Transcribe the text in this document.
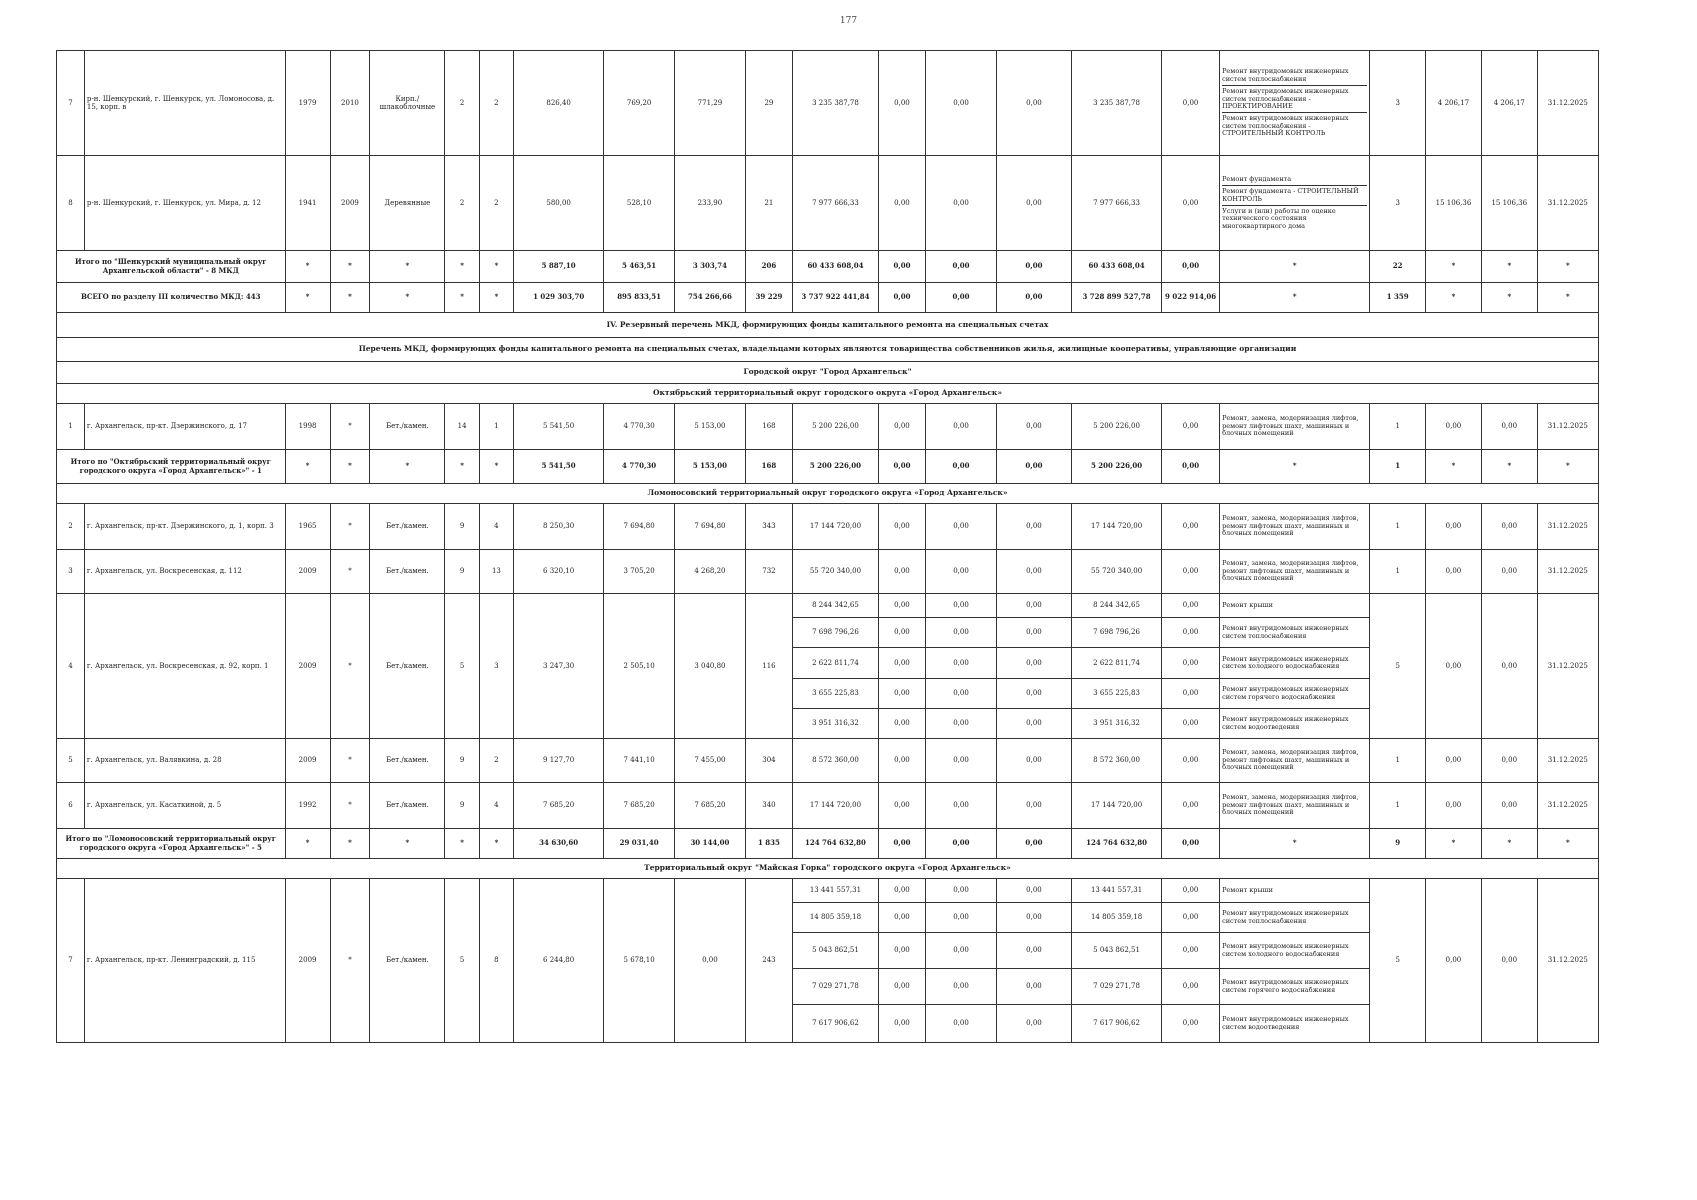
177
7	р-н. Шенкурский, г. Шенкурск, ул. Ломоносова, д. 15, корп. в	1979	2010	Кирп./ шлакоблочные	2	2	826,40	769,20	771,29	29	3 235 387,78	0,00	0,00	0,00	3 235 387,78	0,00	Ремонт внутридомовых инженерных систем теплоснабжения
Ремонт внутридомовых инженерных систем теплоснабжения - ПРОЕКТИРОВАНИЕ
Ремонт внутридомовых инженерных систем теплоснабжения - СТРОИТЕЛЬНЫЙ КОНТРОЛЬ	3	4 206,17	4 206,17	31.12.2025
8	р-н. Шенкурский, г. Шенкурск, ул. Мира, д. 12	1941	2009	Деревянные	2	2	580,00	528,10	233,90	21	7 977 666,33	0,00	0,00	0,00	7 977 666,33	0,00	Ремонт фундамента
Ремонт фундамента - СТРОИТЕЛЬНЫЙ КОНТРОЛЬ
Услуги и (или) работы по оценке технического состояния многоквартирного дома	3	15 106,36	15 106,36	31.12.2025
Итого по "Шенкурский муниципальный округ Архангельской области" - 8 МКД		*	*	*	*	*	5 887,10	5 463,51	3 303,74	206	60 433 608,04	0,00	0,00	0,00	60 433 608,04	0,00	*	22	*	*	*
ВСЕГО по разделу III количество МКД: 443		*	*	*	*	*	1 029 303,70	895 833,51	754 266,66	39 229	3 737 922 441,84	0,00	0,00	0,00	3 728 899 527,78	9 022 914,06	*	1 359	*	*	*
IV. Резервный перечень МКД, формирующих фонды капитального ремонта на специальных счетах																					
Перечень МКД, формирующих фонды капитального ремонта на специальных счетах, владельцами которых являются товарищества собственников жилья, жилищные кооперативы, управляющие организации																					
Городской округ "Город Архангельск"																					
Октябрьский территориальный округ городского округа «Город Архангельск»																					
1	г. Архангельск, пр-кт. Дзержинского, д. 17	1998	*	Бет./камен.	14	1	5 541,50	4 770,30	5 153,00	168	5 200 226,00	0,00	0,00	0,00	5 200 226,00	0,00	Ремонт, замена, модернизация лифтов, ремонт лифтовых шахт, машинных и блочных помещений	1	0,00	0,00	31.12.2025
Итого по "Октябрьский территориальный округ городского округа «Город Архангельск»" - 1		*	*	*	*	*	5 541,50	4 770,30	5 153,00	168	5 200 226,00	0,00	0,00	0,00	5 200 226,00	0,00	*	1	*	*	*
Ломоносовский территориальный округ городского округа «Город Архангельск»																					
2	г. Архангельск, пр-кт. Дзержинского, д. 1, корп. 3	1965	*	Бет./камен.	9	4	8 250,30	7 694,80	7 694,80	343	17 144 720,00	0,00	0,00	0,00	17 144 720,00	0,00	Ремонт, замена, модернизация лифтов, ремонт лифтовых шахт, машинных и блочных помещений	1	0,00	0,00	31.12.2025
3	г. Архангельск, ул. Воскресенская, д. 112	2009	*	Бет./камен.	9	13	6 320,10	3 705,20	4 268,20	732	55 720 340,00	0,00	0,00	0,00	55 720 340,00	0,00	Ремонт, замена, модернизация лифтов, ремонт лифтовых шахт, машинных и блочных помещений	1	0,00	0,00	31.12.2025
4	г. Архангельск, ул. Воскресенская, д. 92, корп. 1	2009	*	Бет./камен.	5	3	3 247,30	2 505,10	3 040,80	116	8 244 342,65	0,00	0,00	0,00	8 244 342,65	0,00	Ремонт крыши	5	0,00	0,00	31.12.2025
											7 698 796,26	0,00	0,00	0,00	7 698 796,26	0,00	Ремонт внутридомовых инженерных систем теплоснабжения				
											2 622 811,74	0,00	0,00	0,00	2 622 811,74	0,00	Ремонт внутридомовых инженерных систем холодного водоснабжения				
											3 655 225,83	0,00	0,00	0,00	3 655 225,83	0,00	Ремонт внутридомовых инженерных систем горячего водоснабжения				
											3 951 316,32	0,00	0,00	0,00	3 951 316,32	0,00	Ремонт внутридомовых инженерных систем водоотведения				
5	г. Архангельск, ул. Валявкина, д. 28	2009	*	Бет./камен.	9	2	9 127,70	7 441,10	7 455,00	304	8 572 360,00	0,00	0,00	0,00	8 572 360,00	0,00	Ремонт, замена, модернизация лифтов, ремонт лифтовых шахт, машинных и блочных помещений	1	0,00	0,00	31.12.2025
6	г. Архангельск, ул. Касаткиной, д. 5	1992	*	Бет./камен.	9	4	7 685,20	7 685,20	7 685,20	340	17 144 720,00	0,00	0,00	0,00	17 144 720,00	0,00	Ремонт, замена, модернизация лифтов, ремонт лифтовых шахт, машинных и блочных помещений	1	0,00	0,00	31.12.2025
Итого по "Ломоносовский территориальный округ городского округа «Город Архангельск»" - 5		*	*	*	*	*	34 630,60	29 031,40	30 144,00	1 835	124 764 632,80	0,00	0,00	0,00	124 764 632,80	0,00	*	9	*	*	*
Территориальный округ "Майская Горка" городского округа «Город Архангельск»																					
7	г. Архангельск, пр-кт. Ленинградский, д. 115	2009	*	Бет./камен.	5	8	6 244,80	5 678,10	0,00	243	13 441 557,31	0,00	0,00	0,00	13 441 557,31	0,00	Ремонт крыши	5	0,00	0,00	31.12.2025
											14 805 359,18	0,00	0,00	0,00	14 805 359,18	0,00	Ремонт внутридомовых инженерных систем теплоснабжения				
											5 043 862,51	0,00	0,00	0,00	5 043 862,51	0,00	Ремонт внутридомовых инженерных систем холодного водоснабжения				
											7 029 271,78	0,00	0,00	0,00	7 029 271,78	0,00	Ремонт внутридомовых инженерных систем горячего водоснабжения				
											7 617 906,62	0,00	0,00	0,00	7 617 906,62	0,00	Ремонт внутридомовых инженерных систем водоотведения				
